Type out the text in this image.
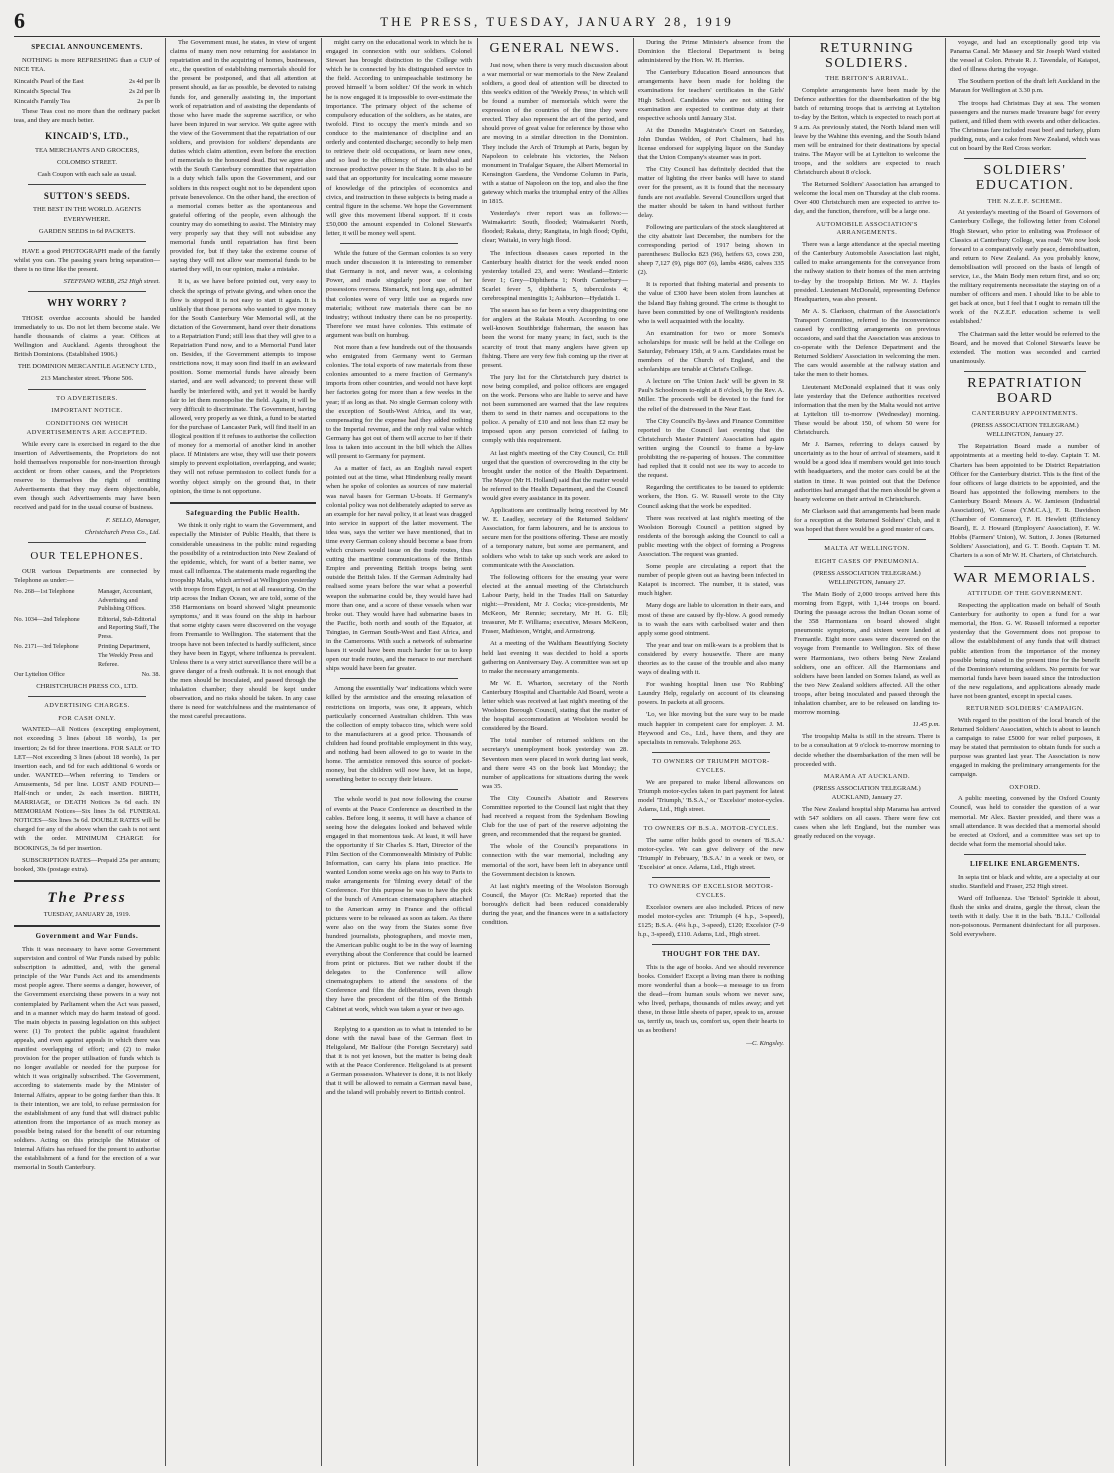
6	THE PRESS, TUESDAY, JANUARY 28, 1919
SPECIAL ANNOUNCEMENTS.

NOTHING is more REFRESHING than a CUP of NICE TEA.

Kincaid's Pearl of the East	2s 4d per lb
Kincaid's Special Tea	2s 2d per lb
Kincaid's Family Tea	2s per lb

These Teas cost no more than the ordinary packet teas, and they are much better.

KINCAID'S, LTD.,

TEA MERCHANTS AND GROCERS,

COLOMBO STREET.

Cash Coupon with each sale as usual.

SUTTON'S SEEDS.

THE BEST IN THE WORLD. AGENTS EVERYWHERE.

GARDEN SEEDS in 6d PACKETS.

HAVE a good PHOTOGRAPH made of the family whilst you can. The passing years bring separation—there is no time like the present.

STEFFANO WEBB, 252 High street.

WHY WORRY ?

THOSE overdue accounts should be handed immediately to us. Do not let them become stale. We handle thousands of claims a year. Offices at Wellington and Auckland. Agents throughout the British Dominions. (Established 1906.)

THE DOMINION MERCANTILE AGENCY LTD.,

213 Manchester street. 'Phone 506.

TO ADVERTISERS.
IMPORTANT NOTICE.
CONDITIONS ON WHICH ADVERTISEMENTS ARE ACCEPTED.

While every care is exercised in regard to the due insertion of Advertisements, the Proprietors do not hold themselves responsible for non-insertion through accident or from other causes, and the Proprietors reserve to themselves the right of omitting Advertisements that they may deem objectionable, even though such Advertisements may have been received and paid for in the usual course of business.

F. SELLO, Manager,

Christchurch Press Co., Ltd.

OUR TELEPHONES.

OUR various Departments are connected by Telephone as under:—

No. 268—1st Telephone	Manager, Accountant, Advertising and Publishing Offices.
No. 1034—2nd Telephone	Editorial, Sub-Editorial and Reporting Staff, The Press.
No. 2171—3rd Telephone	Printing Department, The Weekly Press and Referee.
Our Lyttelton Office	No. 38.

CHRISTCHURCH PRESS CO., LTD.

ADVERTISING CHARGES.
FOR CASH ONLY.

WANTED—All Notices (excepting employment, not exceeding 3 lines (about 18 words), 1s per insertion; 2s 6d for three insertions. FOR SALE or TO LET—Not exceeding 3 lines (about 18 words), 1s per insertion each, and 6d for each additional 6 words or under. WANTED—When referring to Tenders or Amusements, 5d per line. LOST AND FOUND—Half-inch or under, 2s each insertion. BIRTH, MARRIAGE, or DEATH Notices 3s 6d each. IN MEMORIAM Notices—Six lines 3s 6d. FUNERAL NOTICES—Six lines 3s 6d. DOUBLE RATES will be charged for any of the above when the cash is not sent with the order. MINIMUM CHARGE for BOOKINGS, 3s 6d per insertion.

SUBSCRIPTION RATES—Prepaid 25s per annum; booked, 30s (postage extra).

The Press
TUESDAY, JANUARY 28, 1919.
Government and War Funds.

This it was necessary to have some Government supervision and control of War Funds raised by public subscription is admitted, and, with the general principle of the War Funds Act and its amendments most people agree. There seems a danger, however, of the Government exercising these powers in a way not contemplated by Parliament when the Act was passed, and in a manner which may do harm instead of good. The main objects in passing legislation on this subject were: (1) To protect the public against fraudulent appeals, and even against appeals in which there was manifest overlapping of effort; and (2) to make provision for the proper utilisation of funds which is no longer available or needed for the purpose for which it was originally subscribed. The Government, according to statements made by the Minister of Internal Affairs, appear to be going farther than this. It is their intention, we are told, to refuse permission for the establishment of any fund that will distract public attention from the importance of as much money as possible being raised for the benefit of our returning soldiers. Acting on this principle the Minister of Internal Affairs has refused for the present to authorise the establishment of a fund for the erection of a war memorial in South Canterbury.

The Government must, he states, in view of urgent claims of many men now returning for assistance in repatriation and in the acquiring of homes, businesses, etc., the question of establishing memorials should for the present be postponed, and that all attention at present should, as far as possible, be devoted to raising funds for, and generally assisting in, the important work of repatriation and of assisting the dependants of those who have made the supreme sacrifice, or who have been injured in war service. We quite agree with the view of the Government that the repatriation of our soldiers, and provision for soldiers' dependants are duties which claim attention, even before the erection of memorials to the honoured dead. But we agree also with the South Canterbury committee that repatriation is a duty which falls upon the Government, and our soldiers in this respect ought not to be dependent upon private benevolence. On the other hand, the erection of a memorial comes better as the spontaneous and grateful offering of the people, even although the country may do something to assist. The Ministry may very properly say that they will not subsidise any memorial funds until repatriation has first been provided for, but if they take the extreme course of saying they will not allow war memorial funds to be started they will, in our opinion, make a mistake.

It is, as we have before pointed out, very easy to check the springs of private giving, and when once the flow is stopped it is not easy to start it again. It is unlikely that those persons who wanted to give money for the South Canterbury War Memorial will, at the dictation of the Government, hand over their donations to a Repatriation Fund; still less that they will give to a Repatriation Fund now, and to a Memorial Fund later on. Besides, if the Government attempts to impose restrictions now, it may soon find itself in an awkward position. Some memorial funds have already been started, and are well advanced; to prevent these will hardly be interfered with, and yet it would be hardly fair to let them monopolise the field. Again, it will be very difficult to discriminate. The Government, having allowed, very properly as we think, a fund to be started for the purchase of Lancaster Park, will find itself in an illogical position if it refuses to authorise the collection of money for a memorial of another kind in another place. If Ministers are wise, they will use their powers simply to prevent exploitation, overlapping, and waste; they will not refuse permission to collect funds for a worthy object simply on the ground that, in their opinion, the time is not opportune.

Safeguarding the Public Health.

We think it only right to warn the Government, and especially the Minister of Public Health, that there is considerable uneasiness in the public mind regarding the possibility of a reintroduction into New Zealand of the epidemic, which, for want of a better name, we must call influenza. The statements made regarding the troopship Malta, which arrived at Wellington yesterday with troops from Egypt, is not at all reassuring. On the trip across the Indian Ocean, we are told, some of the 358 Harmonians on board showed 'slight pneumonic symptoms,' and it was found on the ship in harbour that some eighty cases were discovered on the voyage from Fremantle to Wellington. The statement that the troops have not been infected is hardly sufficient, since they have been in Egypt, where influenza is prevalent. Unless there is a very strict surveillance there will be a grave danger of a fresh outbreak. It is not enough that the men should be inoculated, and passed through the inhalation chamber; they should be kept under observation, and no risks should be taken. In any case there is need for watchfulness and the maintenance of the most careful precautions.

might carry on the educational work in which he is engaged in connexion with our soldiers. Colonel Stewart has brought distinction to the College with which he is connected by his distinguished service in the field. According to unimpeachable testimony he proved himself 'a born soldier.' Of the work in which he is now engaged it is impossible to over-estimate the importance. The primary object of the scheme of compulsory education of the soldiers, as he states, are twofold. First to occupy the men's minds and so conduce to the maintenance of discipline and an orderly and contented discharge; secondly to help men to retrieve their old occupations, or learn new ones, and so lead to the efficiency of the individual and increase productive power in the State. It is also to be said that an opportunity for inculcating some measure of knowledge of the principles of economics and civics, and instruction in these subjects is being made a central figure in the scheme. We hope the Government will give this movement liberal support. If it costs £50,000 the amount expended in Colonel Stewart's letter, it will be money well spent.

While the future of the German colonies is so very much under discussion it is interesting to remember that Germany is not, and never was, a colonising Power, and made singularly poor use of her possessions oversea. Bismarck, not long ago, admitted that colonies were of very little use as regards raw materials; without raw materials there can be no industry; without industry there can be no prosperity. Therefore we must have colonies. This estimate of argument was built on humbug.

Not more than a few hundreds out of the thousands who emigrated from Germany went to German colonies. The total exports of raw materials from these colonies amounted to a mere fraction of Germany's imports from other countries, and would not have kept her factories going for more than a few weeks in the year; if as long as that. No single German colony with the exception of South-West Africa, and its war, compensating for the expense had they added nothing to the Imperial revenue, and the only real value which Germany has got out of them will accrue to her if their loss is taken into account in the bill which the Allies will present to Germany for payment.

As a matter of fact, as an English naval expert pointed out at the time, what Hindenburg really meant when he spoke of colonies as sources of raw material was naval bases for German U-boats. If Germany's colonial policy was not deliberately adapted to serve as an example for her naval policy, it at least was dragged into service in support of the latter movement. The idea was, says the writer we have mentioned, that in time every German colony should become a base from which cruisers would issue on the trade routes, thus cutting the maritime communications of the British Empire and preventing British troops being sent outside the British Isles. If the German Admiralty had realised some years before the war what a powerful weapon the submarine could be, they would have had more than one, and a score of these vessels when war broke out. They would have had submarine bases in the Pacific, both north and south of the Equator, at Tsingtao, in German South-West and East Africa, and in the Cameroons. With such a network of submarine bases it would have been much harder for us to keep open our trade routes, and the menace to our merchant ships would have been far greater.

Among the essentially 'war' indications which were killed by the armistice and the ensuing relaxation of restrictions on imports, was one, it appears, which particularly concerned Australian children. This was the collection of empty tobacco tins, which were sold to the manufacturers at a good price. Thousands of children had found profitable employment in this way, and nothing had been allowed to go to waste in the home. The armistice removed this source of pocket-money, but the children will now have, let us hope, something better to occupy their leisure.

The whole world is just now following the course of events at the Peace Conference as described in the cables. Before long, it seems, it will have a chance of seeing how the delegates looked and behaved while engaged in that momentous task. At least, it will have the opportunity if Sir Charles S. Hart, Director of the Film Section of the Commonwealth Ministry of Public Information, can carry his plans into practice. He wanted London some weeks ago on his way to Paris to make arrangements for 'filming every detail' of the Conference. For this purpose he was to have the pick of the bunch of American cinematographers attached to the American army in France and the official pictures were to be released as soon as taken. As there were also on the way from the States some five hundred journalists, photographers, and movie men, the American public ought to be in the way of learning everything about the Conference that could be learned from print or pictures. But we rather doubt if the delegates to the Conference will allow cinematographers to attend the sessions of the Conference and film the deliberations, even though they have the precedent of the film of the British Cabinet at work, which was taken a year or two ago.

Replying to a question as to what is intended to be done with the naval base of the German fleet in Heligoland, Mr Balfour (the Foreign Secretary) said that it is not yet known, but the matter is being dealt with at the Peace Conference. Heligoland is at present a German possession. Whatever is done, it is not likely that it will be allowed to remain a German naval base, and the island will probably revert to British control.

GENERAL NEWS.

Just now, when there is very much discussion about a war memorial or war memorials to the New Zealand soldiers, a good deal of attention will be directed to this week's edition of the 'Weekly Press,' in which will be found a number of memorials which were the expression of the countries of the time they were erected. They also represent the art of the period, and should prove of great value for reference by those who are moving in a similar direction in the Dominion. They include the Arch of Triumph at Paris, begun by Napoleon to celebrate his victories, the Nelson monument in Trafalgar Square, the Albert Memorial in Kensington Gardens, the Vendome Column in Paris, with a statue of Napoleon on the top, and also the fine gateway which marks the triumphal entry of the Allies in 1815.

Yesterday's river report was as follows:—Waimakariri: South, flooded; Waimakariri North, flooded; Rakaia, dirty; Rangitata, in high flood; Opihi, clear; Waitaki, in very high flood.

The infectious diseases cases reported in the Canterbury health district for the week ended noon yesterday totalled 23, and were: Westland—Enteric fever 1; Grey—Diphtheria 1; North Canterbury—Scarlet fever 5, diphtheria 5, tuberculosis 4; cerebrospinal meningitis 1; Ashburton—Hydatids 1.

The season has so far been a very disappointing one for anglers at the Rakaia Mouth. According to one well-known Southbridge fisherman, the season has been the worst for many years; in fact, such is the scarcity of trout that many anglers have given up fishing. There are very few fish coming up the river at present.

The jury list for the Christchurch jury district is now being compiled, and police officers are engaged on the work. Persons who are liable to serve and have not been summoned are warned that the law requires them to send in their names and occupations to the police. A penalty of £10 and not less than £2 may be imposed upon any person convicted of failing to comply with this requirement.

At last night's meeting of the City Council, Cr. Hill urged that the question of overcrowding in the city be brought under the notice of the Health Department. The Mayor (Mr H. Holland) said that the matter would be referred to the Health Department, and the Council would give every assistance in its power.

Applications are continually being received by Mr W. E. Leadley, secretary of the Returned Soldiers' Association, for farm labourers, and he is anxious to secure men for the positions offering. These are mostly of a temporary nature, but some are permanent, and soldiers who wish to take up such work are asked to communicate with the Association.

The following officers for the ensuing year were elected at the annual meeting of the Christchurch Labour Party, held in the Trades Hall on Saturday night:—President, Mr J. Cocks; vice-presidents, Mr McKeon, Mr Rennie; secretary, Mr H. G. Ell; treasurer, Mr F. Williams; executive, Messrs McKeon, Fraser, Mathieson, Wright, and Armstrong.

At a meeting of the Waltham Beautifying Society held last evening it was decided to hold a sports gathering on Anniversary Day. A committee was set up to make the necessary arrangements.

Mr W. E. Wharton, secretary of the North Canterbury Hospital and Charitable Aid Board, wrote a letter which was received at last night's meeting of the Woolston Borough Council, stating that the matter of the hospital accommodation at Woolston would be considered by the Board.

The total number of returned soldiers on the secretary's unemployment book yesterday was 28. Seventeen men were placed in work during last week, and there were 43 on the book last Monday; the number of applications for situations during the week was 35.

The City Council's Abattoir and Reserves Committee reported to the Council last night that they had received a request from the Sydenham Bowling Club for the use of part of the reserve adjoining the green, and recommended that the request be granted.

The whole of the Council's preparations in connection with the war memorial, including any memorial of the sort, have been left in abeyance until the Government decision is known.

At last night's meeting of the Woolston Borough Council, the Mayor (Cr. McRae) reported that the borough's deficit had been reduced considerably during the year, and the finances were in a satisfactory condition.

During the Prime Minister's absence from the Dominion the Electoral Department is being administered by the Hon. W. H. Herries.

The Canterbury Education Board announces that arrangements have been made for holding the examinations for teachers' certificates in the Girls' High School. Candidates who are not sitting for examination are expected to continue duty at their respective schools until January 31st.

At the Dunedin Magistrate's Court on Saturday, John Dundas Welden, of Port Chalmers, had his license endorsed for supplying liquor on the Sunday that the Union Company's steamer was in port.

The City Council has definitely decided that the matter of lighting the river banks will have to stand over for the present, as it is found that the necessary funds are not available. Several Councillors urged that the matter should be taken in hand without further delay.

Following are particulars of the stock slaughtered at the city abattoir last December, the numbers for the corresponding period of 1917 being shown in parentheses: Bullocks 823 (96), heifers 63, cows 230, sheep 7,127 (9), pigs 807 (6), lambs 4686, calves 335 (2).

It is reported that fishing material and presents to the value of £300 have been stolen from launches at the Island Bay fishing ground. The crime is thought to have been committed by one of Wellington's residents who is well acquainted with the locality.

An examination for two or more Somes's scholarships for music will be held at the College on Saturday, February 15th, at 9 a.m. Candidates must be members of the Church of England, and the scholarships are tenable at Christ's College.

A lecture on 'The Union Jack' will be given in St Paul's Schoolroom to-night at 8 o'clock, by the Rev. A. Miller. The proceeds will be devoted to the fund for the relief of the distressed in the Near East.

The City Council's By-laws and Finance Committee reported to the Council last evening that the Christchurch Master Painters' Association had again written urging the Council to frame a by-law prohibiting the re-papering of houses. The committee had replied that it could not see its way to accede to the request.

Regarding the certificates to be issued to epidemic workers, the Hon. G. W. Russell wrote to the City Council asking that the work be expedited.

There was received at last night's meeting of the Woolston Borough Council a petition signed by residents of the borough asking the Council to call a public meeting with the object of forming a Progress Association. The request was granted.

Some people are circulating a report that the number of people given out as having been infected in Kaiapoi is incorrect. The number, it is stated, was much higher.

Many dogs are liable to ulceration in their ears, and most of these are caused by fly-blow. A good remedy is to wash the ears with carbolised water and then apply some good ointment.

The year and tear on milk-wars is a problem that is considered by every housewife. There are many theories as to the cause of the trouble and also many ways of dealing with it.

For washing hospital linen use 'No Rubbing' Laundry Help, regularly on account of its cleansing powers. In packets at all grocers.

'Lo, we like moving but the sure way to be made much happier in competent care for employer. J. M. Heywood and Co., Ltd., have them, and they are specialists in removals. Telephone 263.

TO OWNERS OF TRIUMPH MOTOR-CYCLES.

We are prepared to make liberal allowances on Triumph motor-cycles taken in part payment for latest model 'Triumph,' 'B.S.A.,' or 'Excelsior' motor-cycles. Adams, Ltd., High street.

TO OWNERS OF B.S.A. MOTOR-CYCLES.

The same offer holds good to owners of 'B.S.A.' motor-cycles. We can give delivery of the new 'Triumph' in February, 'B.S.A.' in a week or two, or 'Excelsior' at once. Adams, Ltd., High street.

TO OWNERS OF EXCELSIOR MOTOR-CYCLES.

Excelsior owners are also included. Prices of new model motor-cycles are: Triumph (4 h.p., 3-speed), £125; B.S.A. (4¼ h.p., 3-speed), £120; Excelsior (7-9 h.p., 3-speed), £110. Adams, Ltd., High street.

THOUGHT FOR THE DAY.

This is the age of books. And we should reverence books. Consider! Except a living man there is nothing more wonderful than a book—a message to us from the dead—from human souls whom we never saw, who lived, perhaps, thousands of miles away; and yet these, in those little sheets of paper, speak to us, arouse us, terrify us, teach us, comfort us, open their hearts to us as brothers!

—C. Kingsley.

RETURNING SOLDIERS.
THE BRITON'S ARRIVAL.

Complete arrangements have been made by the Defence authorities for the disembarkation of the big batch of returning troops that is arriving at Lyttelton to-day by the Briton, which is expected to reach port at 9 a.m. As previously stated, the North Island men will leave by the Wahine this evening, and the South Island men will be entrained for their destinations by special trains. The Mayor will be at Lyttelton to welcome the troops, and the soldiers are expected to reach Christchurch about 8 o'clock.

The Returned Soldiers' Association has arranged to welcome the local men on Thursday at the club rooms. Over 400 Christchurch men are expected to arrive to-day, and the function, therefore, will be a large one.

AUTOMOBILE ASSOCIATION'S ARRANGEMENTS.

There was a large attendance at the special meeting of the Canterbury Automobile Association last night, called to make arrangements for the conveyance from the railway station to their homes of the men arriving to-day by the troopship Briton. Mr W. J. Hayles presided. Lieutenant McDonald, representing Defence Headquarters, was also present.

Mr A. S. Clarkson, chairman of the Association's Transport Committee, referred to the inconvenience caused by conflicting arrangements on previous occasions, and said that the Association was anxious to co-operate with the Defence Department and the Returned Soldiers' Association in welcoming the men. The cars would assemble at the railway station and take the men to their homes.

Lieutenant McDonald explained that it was only late yesterday that the Defence authorities received information that the men by the Malta would not arrive at Lyttelton till to-morrow (Wednesday) morning. These would be about 150, of whom 50 were for Christchurch.

Mr J. Barnes, referring to delays caused by uncertainty as to the hour of arrival of steamers, said it would be a good idea if members would get into touch with headquarters, and the motor cars could be at the station in time. It was pointed out that the Defence authorities had arranged that the men should be given a hearty welcome on their arrival in Christchurch.

Mr Clarkson said that arrangements had been made for a reception at the Returned Soldiers' Club, and it was hoped that there would be a good muster of cars.

MALTA AT WELLINGTON.
EIGHT CASES OF PNEUMONIA.

(PRESS ASSOCIATION TELEGRAM.) WELLINGTON, January 27.

The Main Body of 2,000 troops arrived here this morning from Egypt, with 1,144 troops on board. During the passage across the Indian Ocean some of the 358 Harmonians on board showed slight pneumonic symptoms, and sixteen were landed at Fremantle. Eight more cases were discovered on the voyage from Fremantle to Wellington. Six of these were Harmonians, two others being New Zealand soldiers, one an officer. All the Harmonians and soldiers have been landed on Somes Island, as well as the two New Zealand soldiers affected. All the other troops, after being inoculated and passed through the inhalation chamber, are to be released on landing to-morrow morning.

11.45 p.m.

The troopship Malta is still in the stream. There is to be a consultation at 9 o'clock to-morrow morning to decide whether the disembarkation of the men will be proceeded with.

MARAMA AT AUCKLAND.

(PRESS ASSOCIATION TELEGRAM.) AUCKLAND, January 27.

The New Zealand hospital ship Marama has arrived with 547 soldiers on all cases. There were few cot cases when she left England, but the number was greatly reduced on the voyage.

voyage, and had an exceptionally good trip via Panama Canal. Mr Massey and Sir Joseph Ward visited the vessel at Colon. Private R. J. Tavendale, of Kaiapoi, died of illness during the voyage.

The Southern portion of the draft left Auckland in the Maraun for Wellington at 3.30 p.m.

The troops had Christmas Day at sea. The women passengers and the nurses made 'treasure bags' for every patient, and filled them with sweets and other delicacies. The Christmas fare included roast beef and turkey, plum pudding, nuts, and a cake from New Zealand, which was cut on board by the Red Cross worker.

SOLDIERS' EDUCATION.
THE N.Z.E.F. SCHEME.

At yesterday's meeting of the Board of Governors of Canterbury College, the following letter from Colonel Hugh Stewart, who prior to enlisting was Professor of Classics at Canterbury College, was read: 'We now look forward to a comparatively early peace, demobilisation, and return to New Zealand. As you probably know, demobilisation will proceed on the basis of length of service, i.e., the Main Body men return first, and so on; the military requirements necessitate the staying on of a number of officers and men. I should like to be able to get back at once, but I feel that I ought to remain till the work of the N.Z.E.F. education scheme is well established.'

The Chairman said the letter would be referred to the Board, and he moved that Colonel Stewart's leave be extended. The motion was seconded and carried unanimously.

REPATRIATION BOARD
CANTERBURY APPOINTMENTS.

(PRESS ASSOCIATION TELEGRAM.) WELLINGTON, January 27.

The Repatriation Board made a number of appointments at a meeting held to-day. Captain T. M. Charters has been appointed to be District Repatriation Officer for the Canterbury district. This is the first of the four officers of large districts to be appointed, and the Board has appointed the following members to the Canterbury Board: Messrs A. W. Jamieson (Industrial Association), W. Gosse (Y.M.C.A.), F. R. Davidson (Chamber of Commerce), F. H. Hewlett (Efficiency Board), E. J. Howard (Employers' Association), F. W. Hobbs (Farmers' Union), W. Sutton, J. Jones (Returned Soldiers' Association), and G. T. Booth. Captain T. M. Charters is a son of Mr W. H. Charters, of Christchurch.

WAR MEMORIALS.
ATTITUDE OF THE GOVERNMENT.

Respecting the application made on behalf of South Canterbury for authority to open a fund for a war memorial, the Hon. G. W. Russell informed a reporter yesterday that the Government does not propose to allow the establishment of any funds that will distract public attention from the importance of the money possible being raised in the present time for the benefit of the Dominion's returning soldiers. No permits for war memorial funds have been issued since the introduction of the new regulations, and applications already made have not been granted, except in special cases.

RETURNED SOLDIERS' CAMPAIGN.

With regard to the position of the local branch of the Returned Soldiers' Association, which is about to launch a campaign to raise £5000 for war relief purposes, it may be stated that permission to obtain funds for such a purpose was granted last year. The Association is now engaged in making the preliminary arrangements for the campaign.

OXFORD.

A public meeting, convened by the Oxford County Council, was held to consider the question of a war memorial. Mr Alex. Baxter presided, and there was a small attendance. It was decided that a memorial should be erected at Oxford, and a committee was set up to decide what form the memorial should take.

LIFELIKE ENLARGEMENTS.

In sepia tint or black and white, are a specialty at our studio. Stanfield and Fraser, 252 High street.

Ward off Influenza. Use 'Bristol' Sprinkle it about, flush the sinks and drains, gargle the throat, clean the teeth with it daily. Use it in the bath. 'B.I.L.' Colloidal non-poisonous. Permanent disinfectant for all purposes. Sold everywhere.
